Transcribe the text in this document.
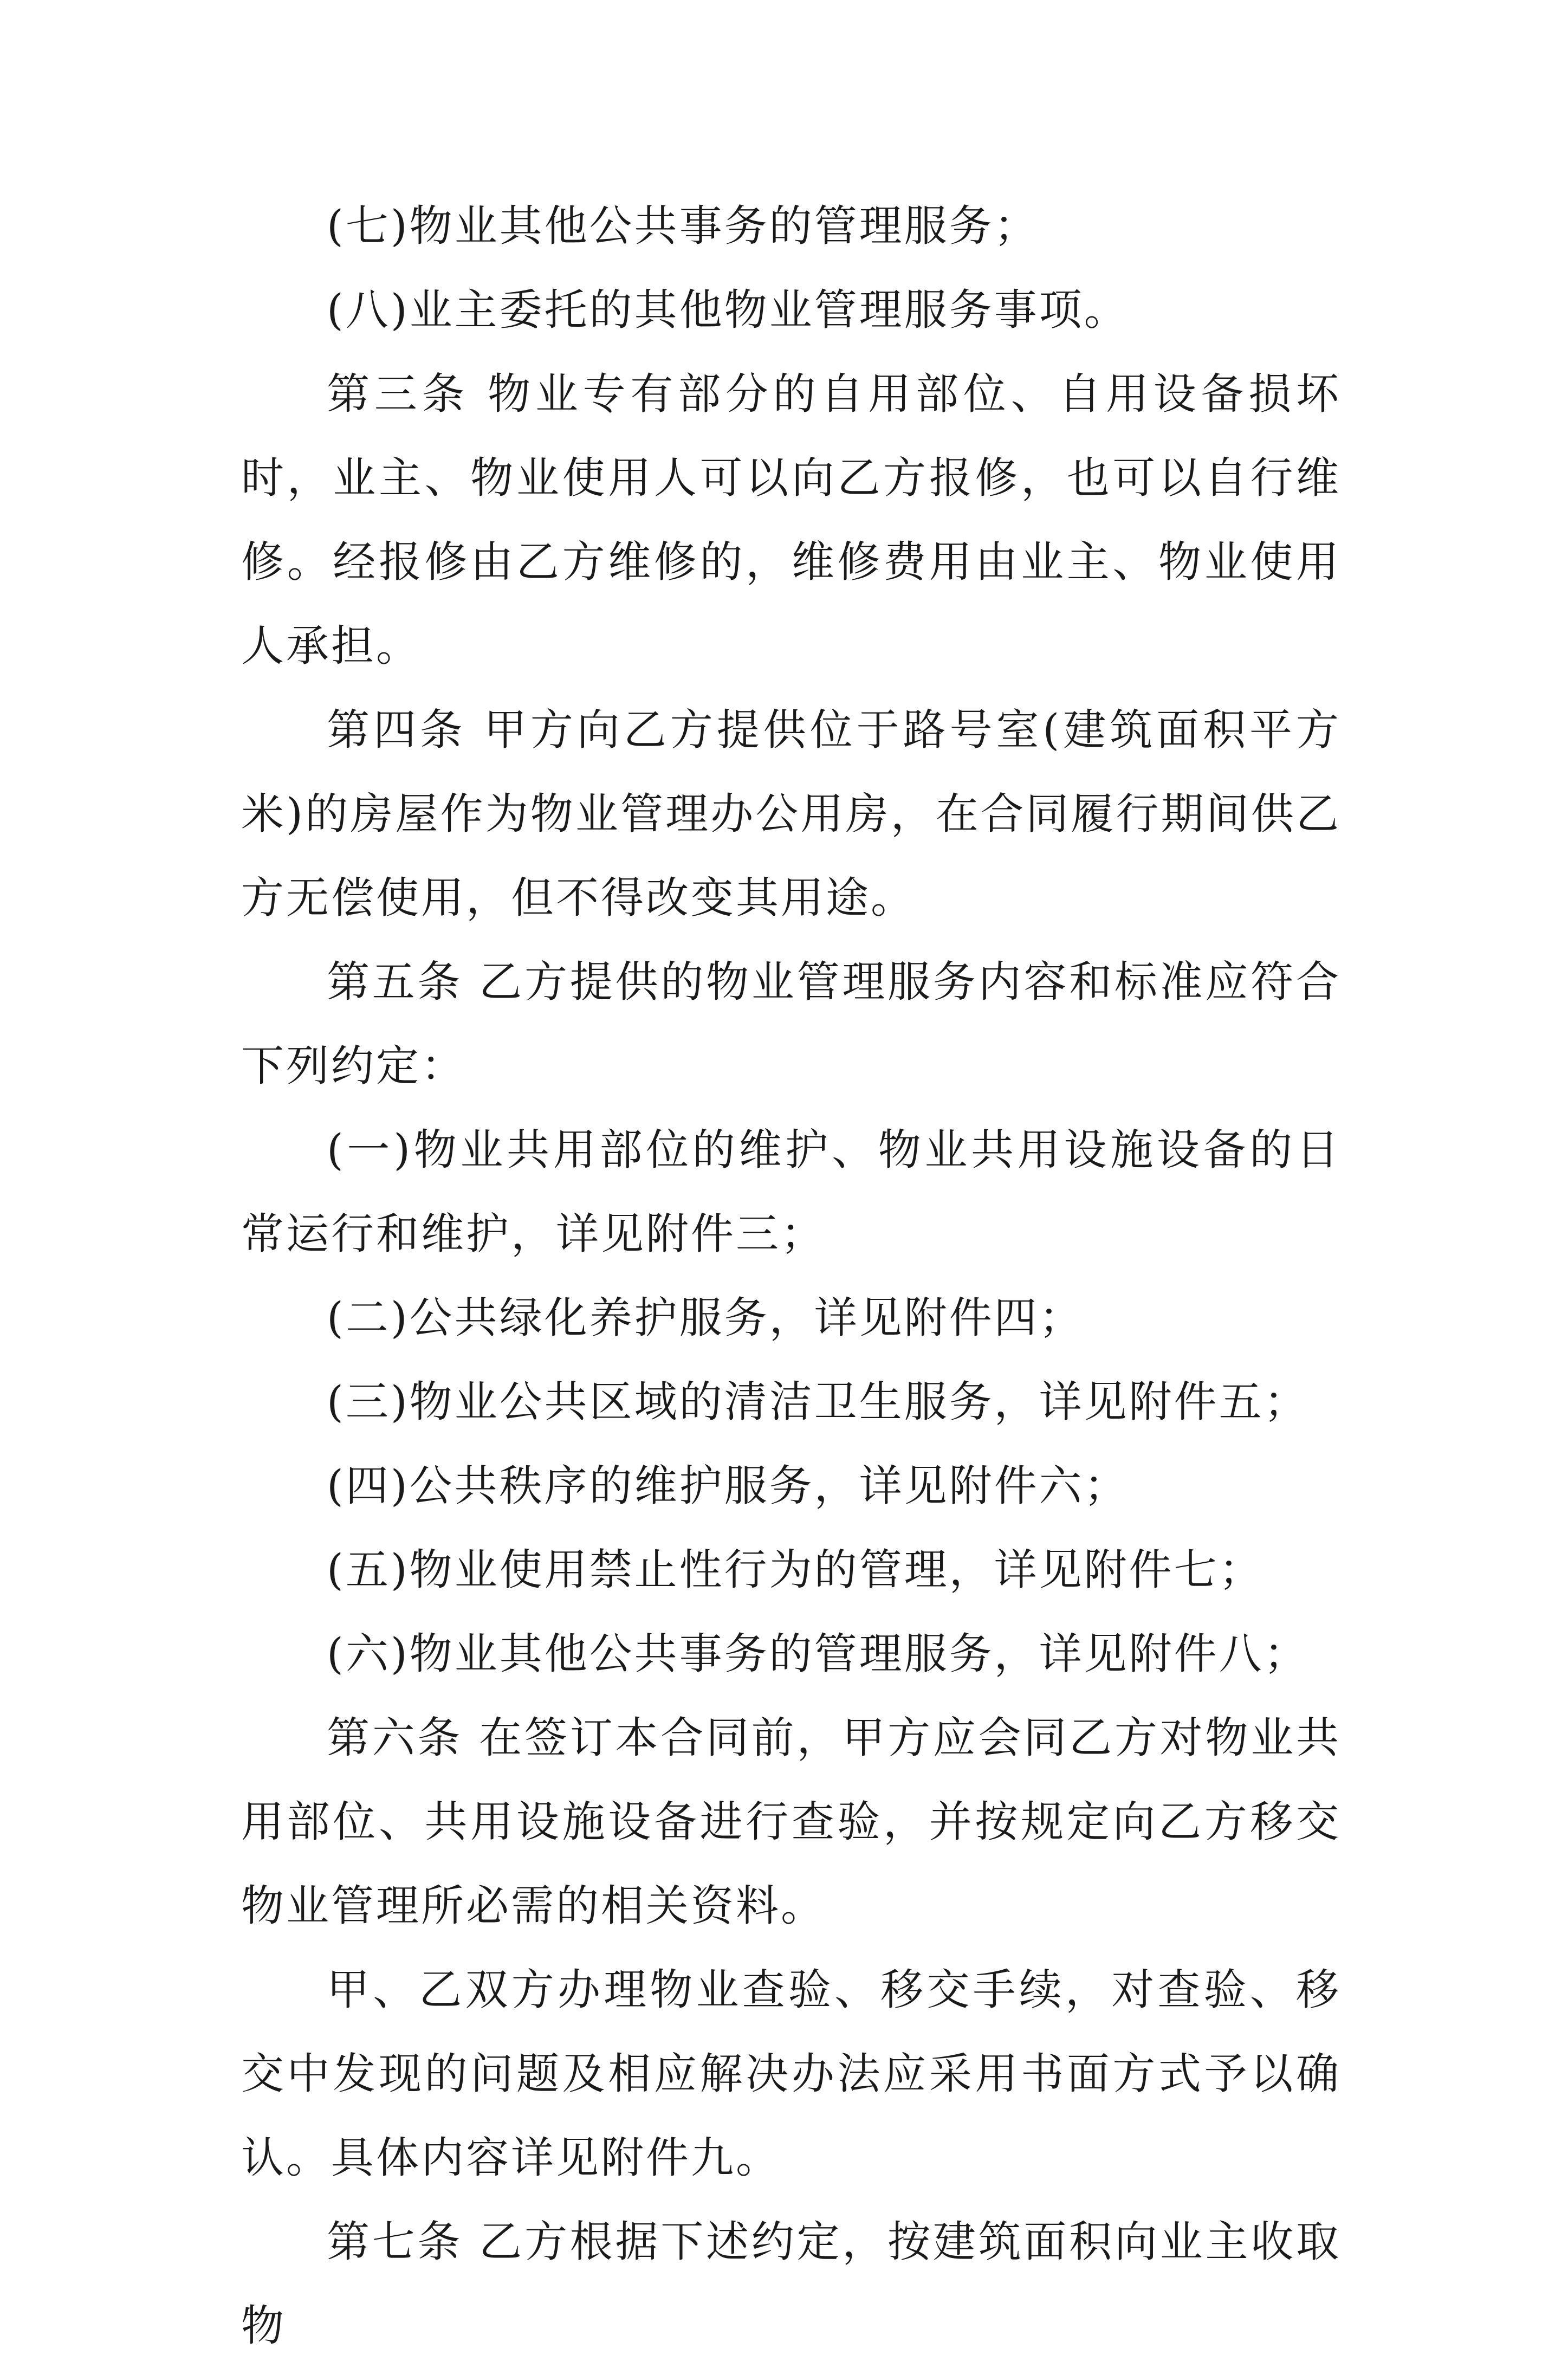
(七)物业其他公共事务的管理服务；

(八)业主委托的其他物业管理服务事项。

第三条 物业专有部分的自用部位、自用设备损坏时，业主、物业使用人可以向乙方报修，也可以自行维修。经报修由乙方维修的，维修费用由业主、物业使用人承担。

第四条 甲方向乙方提供位于路号室(建筑面积平方米)的房屋作为物业管理办公用房，在合同履行期间供乙方无偿使用，但不得改变其用途。

第五条 乙方提供的物业管理服务内容和标准应符合下列约定：

(一)物业共用部位的维护、物业共用设施设备的日常运行和维护，详见附件三；

(二)公共绿化养护服务，详见附件四；

(三)物业公共区域的清洁卫生服务，详见附件五；

(四)公共秩序的维护服务，详见附件六；

(五)物业使用禁止性行为的管理，详见附件七；

(六)物业其他公共事务的管理服务，详见附件八；

第六条 在签订本合同前，甲方应会同乙方对物业共用部位、共用设施设备进行查验，并按规定向乙方移交物业管理所必需的相关资料。

甲、乙双方办理物业查验、移交手续，对查验、移交中发现的问题及相应解决办法应采用书面方式予以确认。具体内容详见附件九。

第七条 乙方根据下述约定，按建筑面积向业主收取物
